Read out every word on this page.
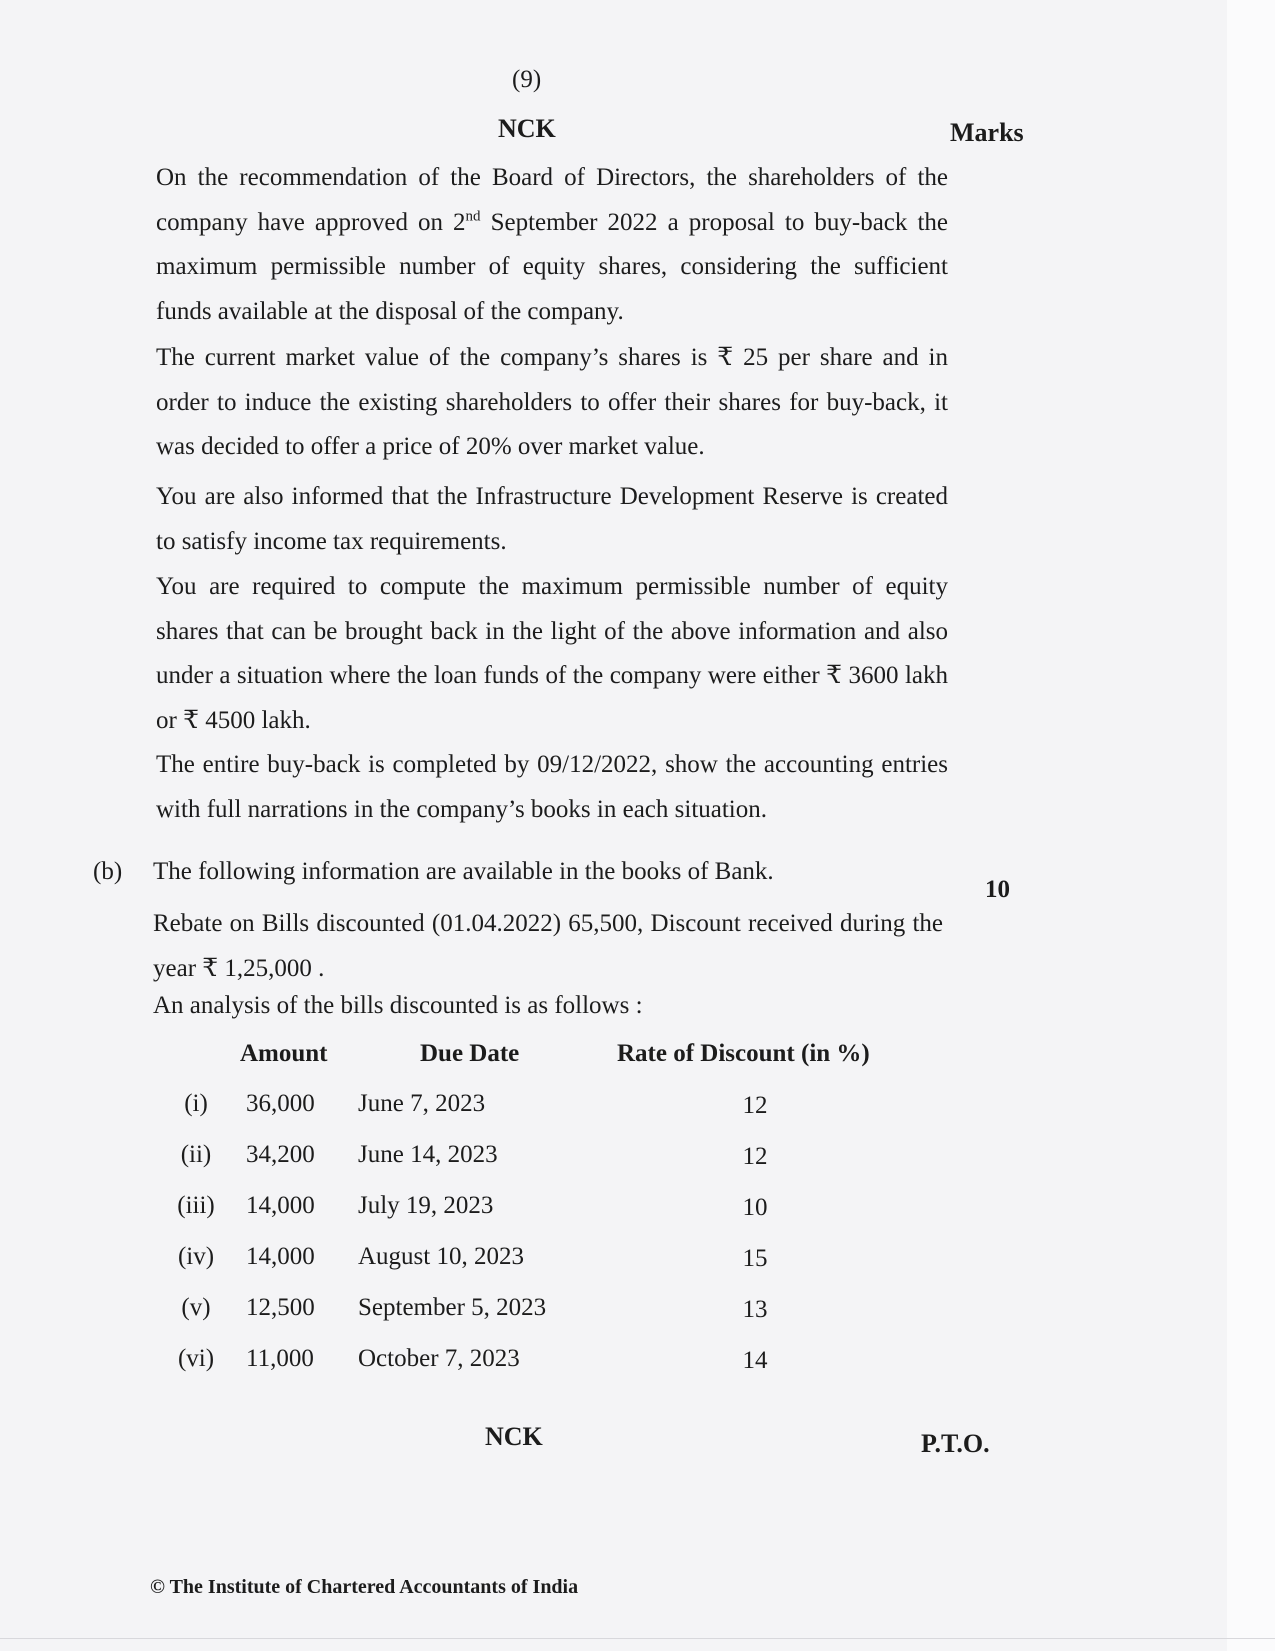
(9)
NCK	Marks
On the recommendation of the Board of Directors, the shareholders of the company have approved on 2nd September 2022 a proposal to buy-back the maximum permissible number of equity shares, considering the sufficient funds available at the disposal of the company.
The current market value of the company’s shares is ₹ 25 per share and in order to induce the existing shareholders to offer their shares for buy-back, it was decided to offer a price of 20% over market value.
You are also informed that the Infrastructure Development Reserve is created to satisfy income tax requirements.
You are required to compute the maximum permissible number of equity shares that can be brought back in the light of the above information and also under a situation where the loan funds of the company were either ₹ 3600 lakh or ₹ 4500 lakh.
The entire buy-back is completed by 09/12/2022, show the accounting entries with full narrations in the company’s books in each situation.
(b) The following information are available in the books of Bank.
10
Rebate on Bills discounted (01.04.2022) 65,500, Discount received during the year ₹ 1,25,000 .
An analysis of the bills discounted is as follows :
Amount	Due Date	Rate of Discount (in %)
(i)	36,000 June 7, 2023	12
(ii)	34,200 June 14, 2023	12
(iii)	14,000 July 19, 2023	10
(iv)	14,000 August 10, 2023	15
(v)	12,500 September 5, 2023	13
(vi)	11,000 October 7, 2023	14
NCK	P.T.O.
© The Institute of Chartered Accountants of India
